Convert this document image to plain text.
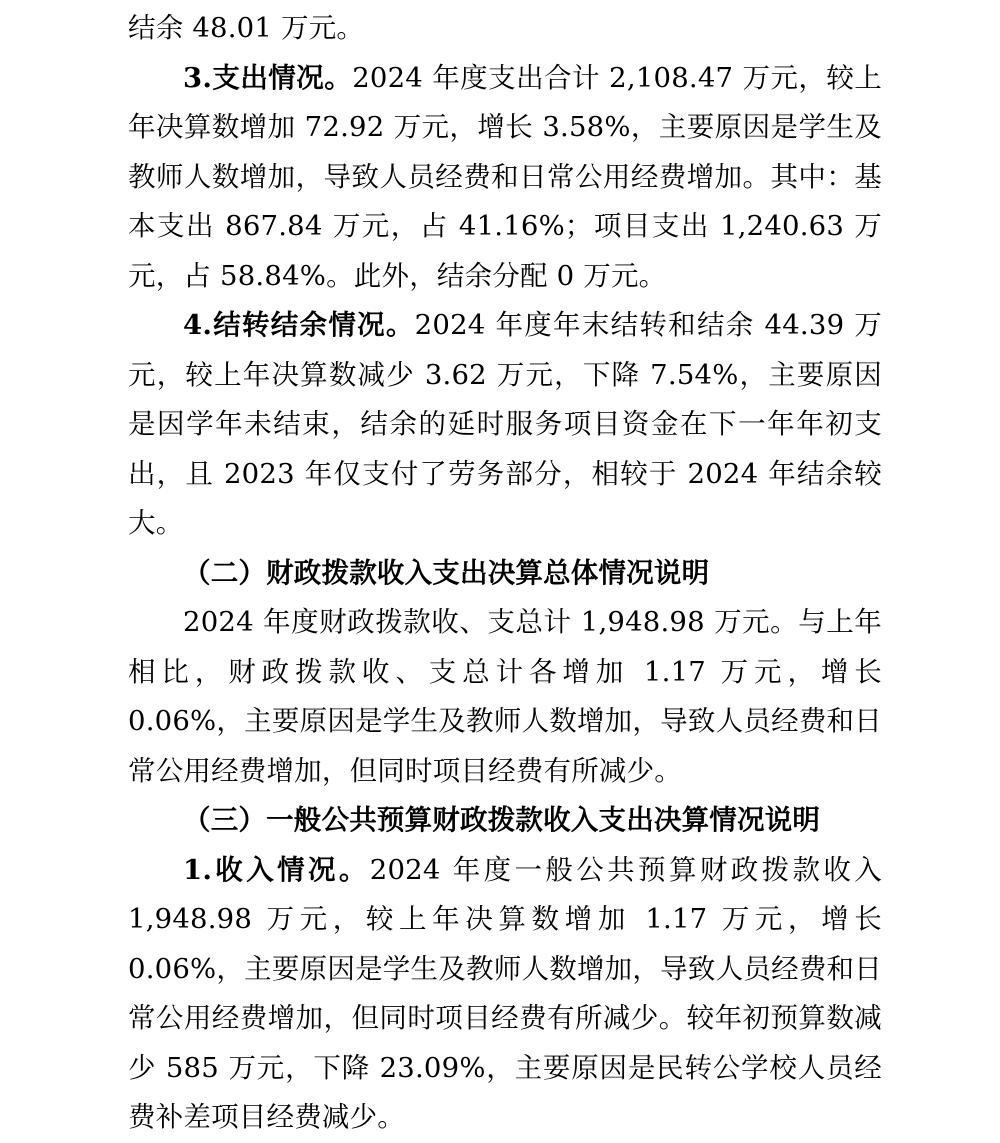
结余 48.01 万元。

3.支出情况。2024 年度支出合计 2,108.47 万元，较上年决算数增加 72.92 万元，增长 3.58%，主要原因是学生及教师人数增加，导致人员经费和日常公用经费增加。其中：基本支出 867.84 万元，占 41.16%；项目支出 1,240.63 万元，占 58.84%。此外，结余分配 0 万元。

4.结转结余情况。2024 年度年末结转和结余 44.39 万元，较上年决算数减少 3.62 万元，下降 7.54%，主要原因是因学年未结束，结余的延时服务项目资金在下一年年初支出，且 2023 年仅支付了劳务部分，相较于 2024 年结余较大。

（二）财政拨款收入支出决算总体情况说明

2024 年度财政拨款收、支总计 1,948.98 万元。与上年相比，财政拨款收、支总计各增加 1.17 万元，增长 0.06%，主要原因是学生及教师人数增加，导致人员经费和日常公用经费增加，但同时项目经费有所减少。

（三）一般公共预算财政拨款收入支出决算情况说明

1.收入情况。2024 年度一般公共预算财政拨款收入 1,948.98 万元，较上年决算数增加 1.17 万元，增长 0.06%，主要原因是学生及教师人数增加，导致人员经费和日常公用经费增加，但同时项目经费有所减少。较年初预算数减少 585 万元，下降 23.09%，主要原因是民转公学校人员经费补差项目经费减少。
